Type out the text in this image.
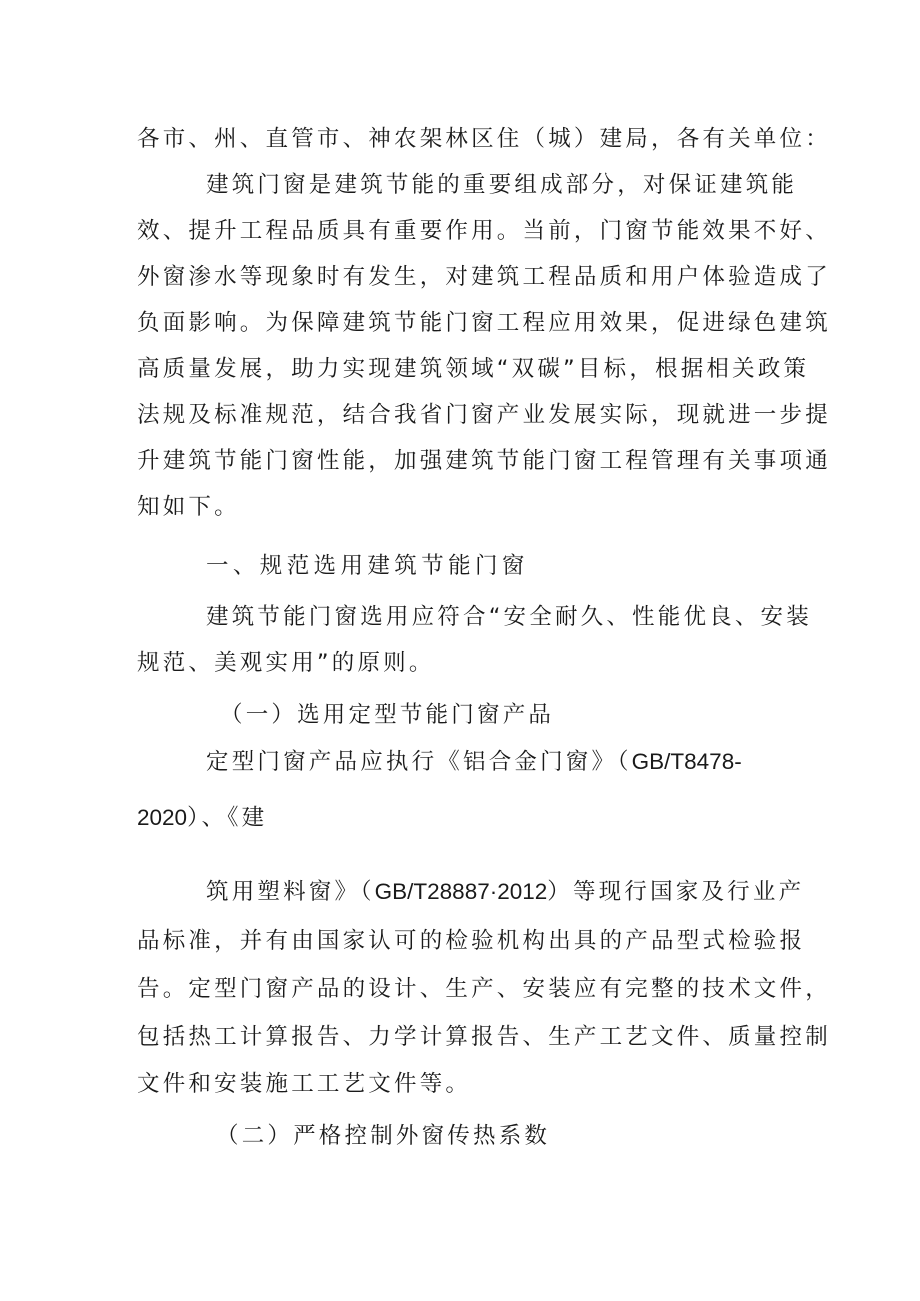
各市、州、直管市、神农架林区住（城）建局，各有关单位：
建筑门窗是建筑节能的重要组成部分，对保证建筑能
效、提升工程品质具有重要作用。当前，门窗节能效果不好、
外窗渗水等现象时有发生，对建筑工程品质和用户体验造成了
负面影响。为保障建筑节能门窗工程应用效果，促进绿色建筑
高质量发展，助力实现建筑领域“双碳”目标，根据相关政策
法规及标准规范，结合我省门窗产业发展实际，现就进一步提
升建筑节能门窗性能，加强建筑节能门窗工程管理有关事项通
知如下。
一、规范选用建筑节能门窗
建筑节能门窗选用应符合“安全耐久、性能优良、安装
规范、美观实用”的原则。
（一）选用定型节能门窗产品
定型门窗产品应执行《铝合金门窗》（GB/T8478-
2020）、《建
筑用塑料窗》（GB/T28887·2012）等现行国家及行业产
品标准，并有由国家认可的检验机构出具的产品型式检验报
告。定型门窗产品的设计、生产、安装应有完整的技术文件，
包括热工计算报告、力学计算报告、生产工艺文件、质量控制
文件和安装施工工艺文件等。
（二）严格控制外窗传热系数
